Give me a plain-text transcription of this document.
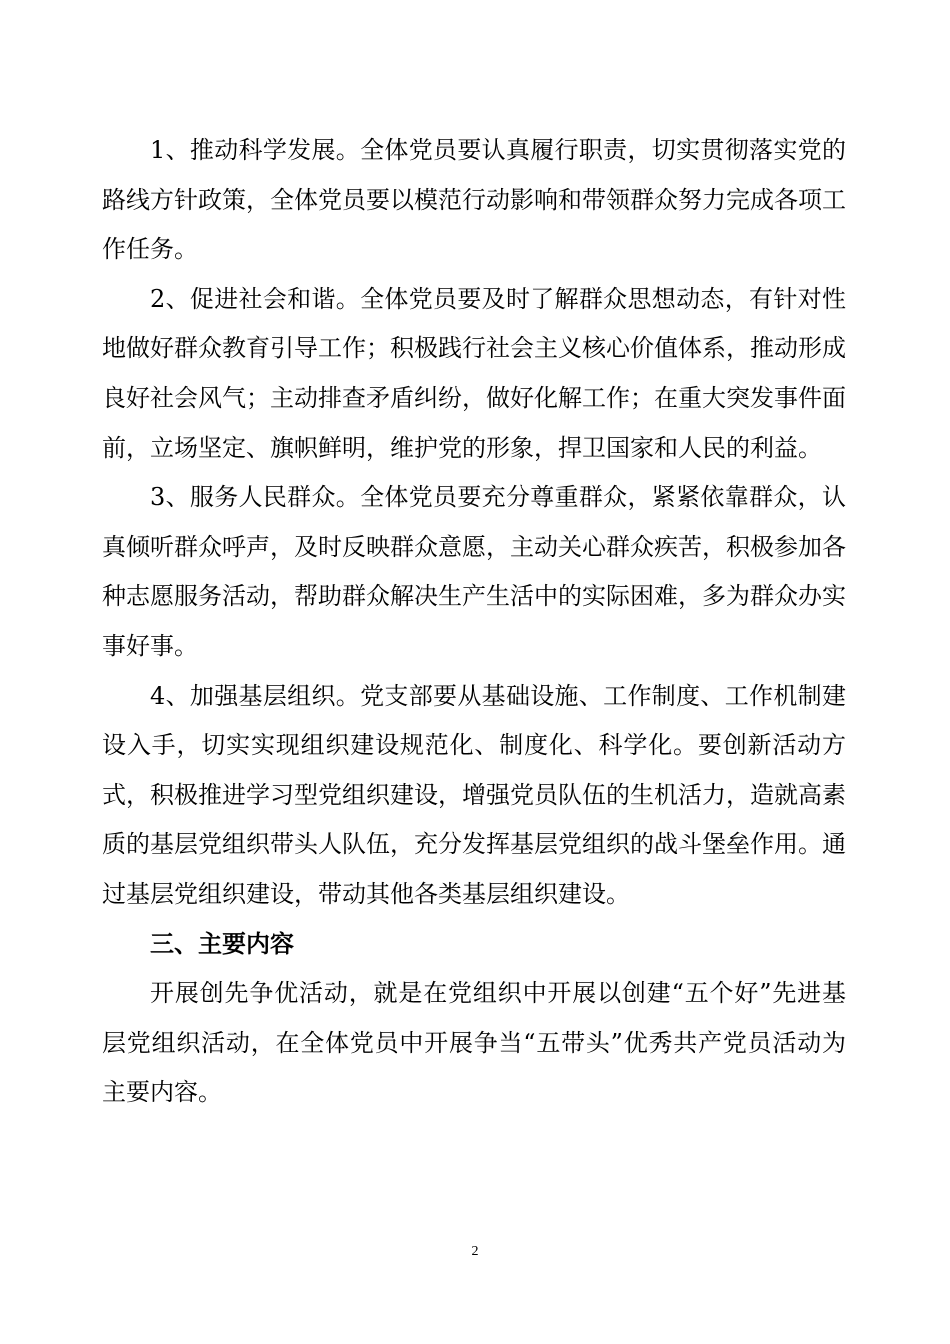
1、推动科学发展。全体党员要认真履行职责，切实贯彻落实党的路线方针政策，全体党员要以模范行动影响和带领群众努力完成各项工作任务。

2、促进社会和谐。全体党员要及时了解群众思想动态，有针对性地做好群众教育引导工作；积极践行社会主义核心价值体系，推动形成良好社会风气；主动排查矛盾纠纷，做好化解工作；在重大突发事件面前，立场坚定、旗帜鲜明，维护党的形象，捍卫国家和人民的利益。

3、服务人民群众。全体党员要充分尊重群众，紧紧依靠群众，认真倾听群众呼声，及时反映群众意愿，主动关心群众疾苦，积极参加各种志愿服务活动，帮助群众解决生产生活中的实际困难，多为群众办实事好事。

4、加强基层组织。党支部要从基础设施、工作制度、工作机制建设入手，切实实现组织建设规范化、制度化、科学化。要创新活动方式，积极推进学习型党组织建设，增强党员队伍的生机活力，造就高素质的基层党组织带头人队伍，充分发挥基层党组织的战斗堡垒作用。通过基层党组织建设，带动其他各类基层组织建设。

三、主要内容

开展创先争优活动，就是在党组织中开展以创建“五个好”先进基层党组织活动，在全体党员中开展争当“五带头”优秀共产党员活动为主要内容。

2
